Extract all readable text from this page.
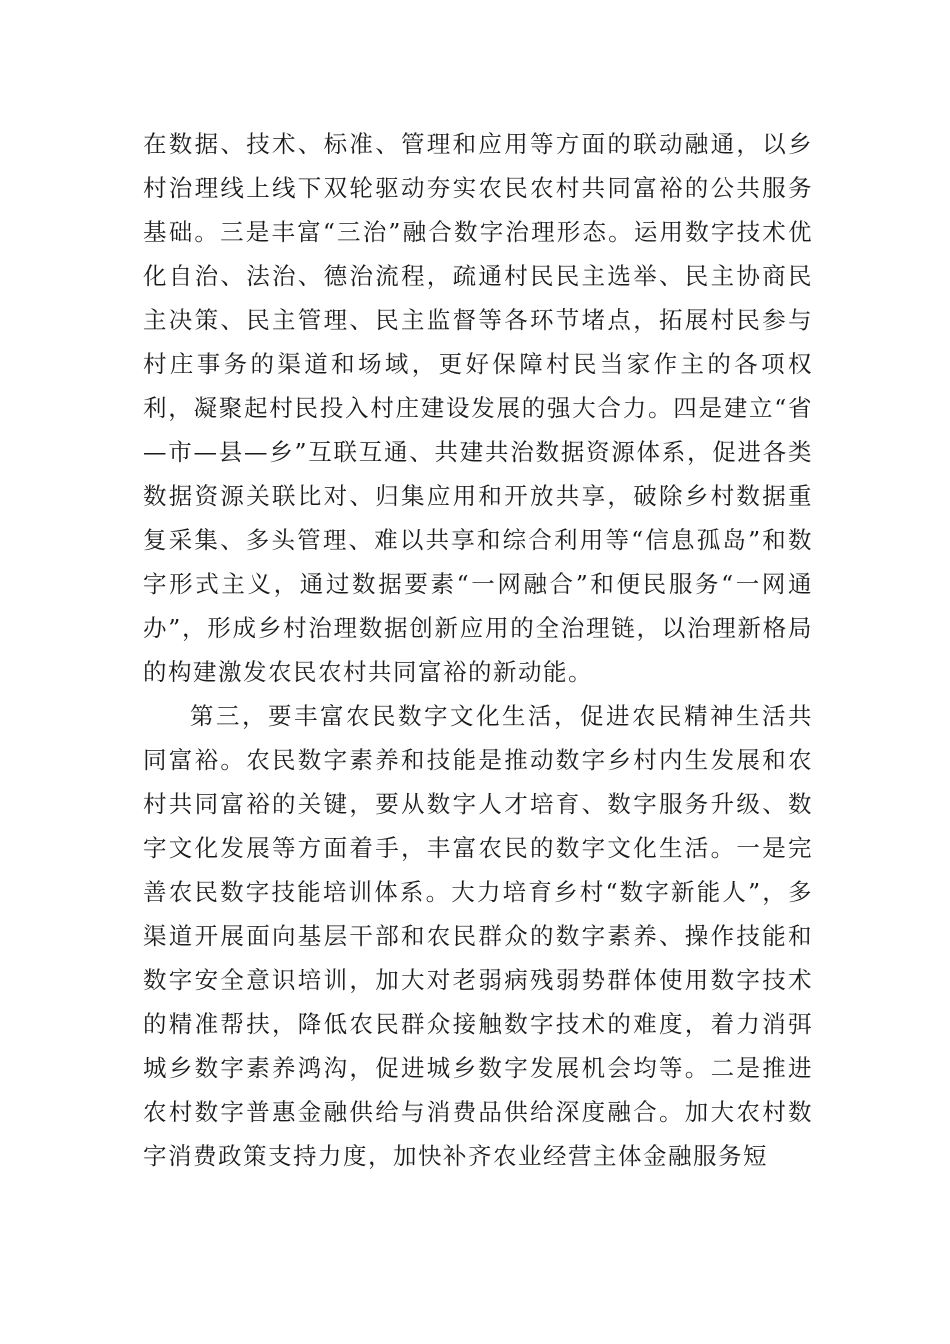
在数据、技术、标准、管理和应用等方面的联动融通，以乡村治理线上线下双轮驱动夯实农民农村共同富裕的公共服务基础。三是丰富“三治”融合数字治理形态。运用数字技术优化自治、法治、德治流程，疏通村民民主选举、民主协商民主决策、民主管理、民主监督等各环节堵点，拓展村民参与村庄事务的渠道和场域，更好保障村民当家作主的各项权利，凝聚起村民投入村庄建设发展的强大合力。四是建立“省—市—县—乡”互联互通、共建共治数据资源体系，促进各类数据资源关联比对、归集应用和开放共享，破除乡村数据重复采集、多头管理、难以共享和综合利用等“信息孤岛”和数字形式主义，通过数据要素“一网融合”和便民服务“一网通办”，形成乡村治理数据创新应用的全治理链，以治理新格局的构建激发农民农村共同富裕的新动能。

第三，要丰富农民数字文化生活，促进农民精神生活共同富裕。农民数字素养和技能是推动数字乡村内生发展和农村共同富裕的关键，要从数字人才培育、数字服务升级、数字文化发展等方面着手，丰富农民的数字文化生活。一是完善农民数字技能培训体系。大力培育乡村“数字新能人”，多渠道开展面向基层干部和农民群众的数字素养、操作技能和数字安全意识培训，加大对老弱病残弱势群体使用数字技术的精准帮扶，降低农民群众接触数字技术的难度，着力消弭城乡数字素养鸿沟，促进城乡数字发展机会均等。二是推进农村数字普惠金融供给与消费品供给深度融合。加大农村数字消费政策支持力度，加快补齐农业经营主体金融服务短
